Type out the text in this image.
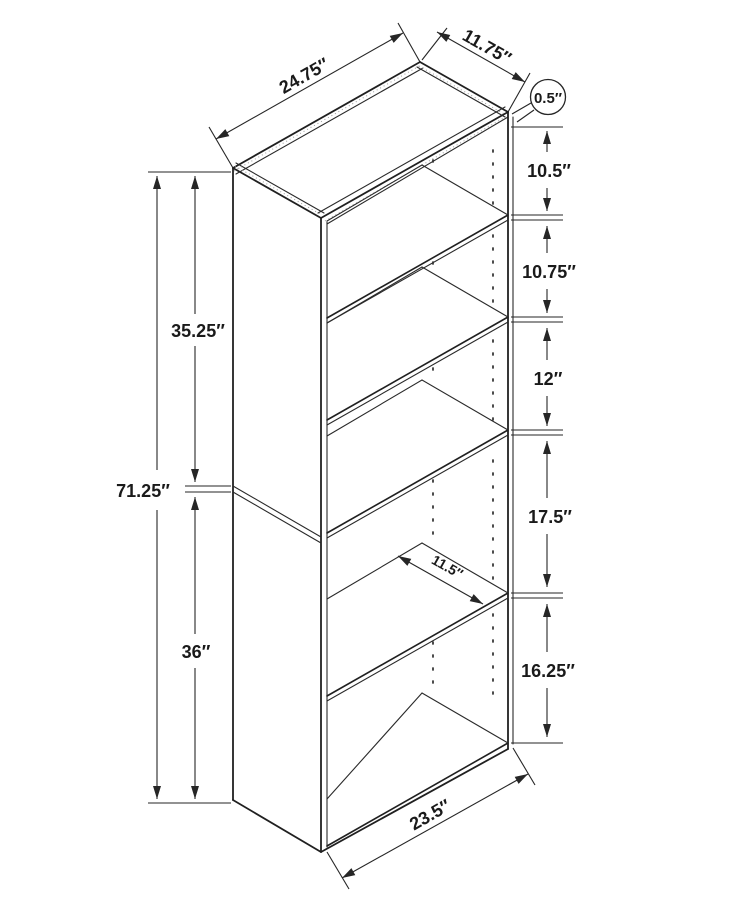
24.75″
11.75″
0.5″
10.5″
10.75″
12″
17.5″
16.25″
71.25″
35.25″
36″
11.5″
23.5″
